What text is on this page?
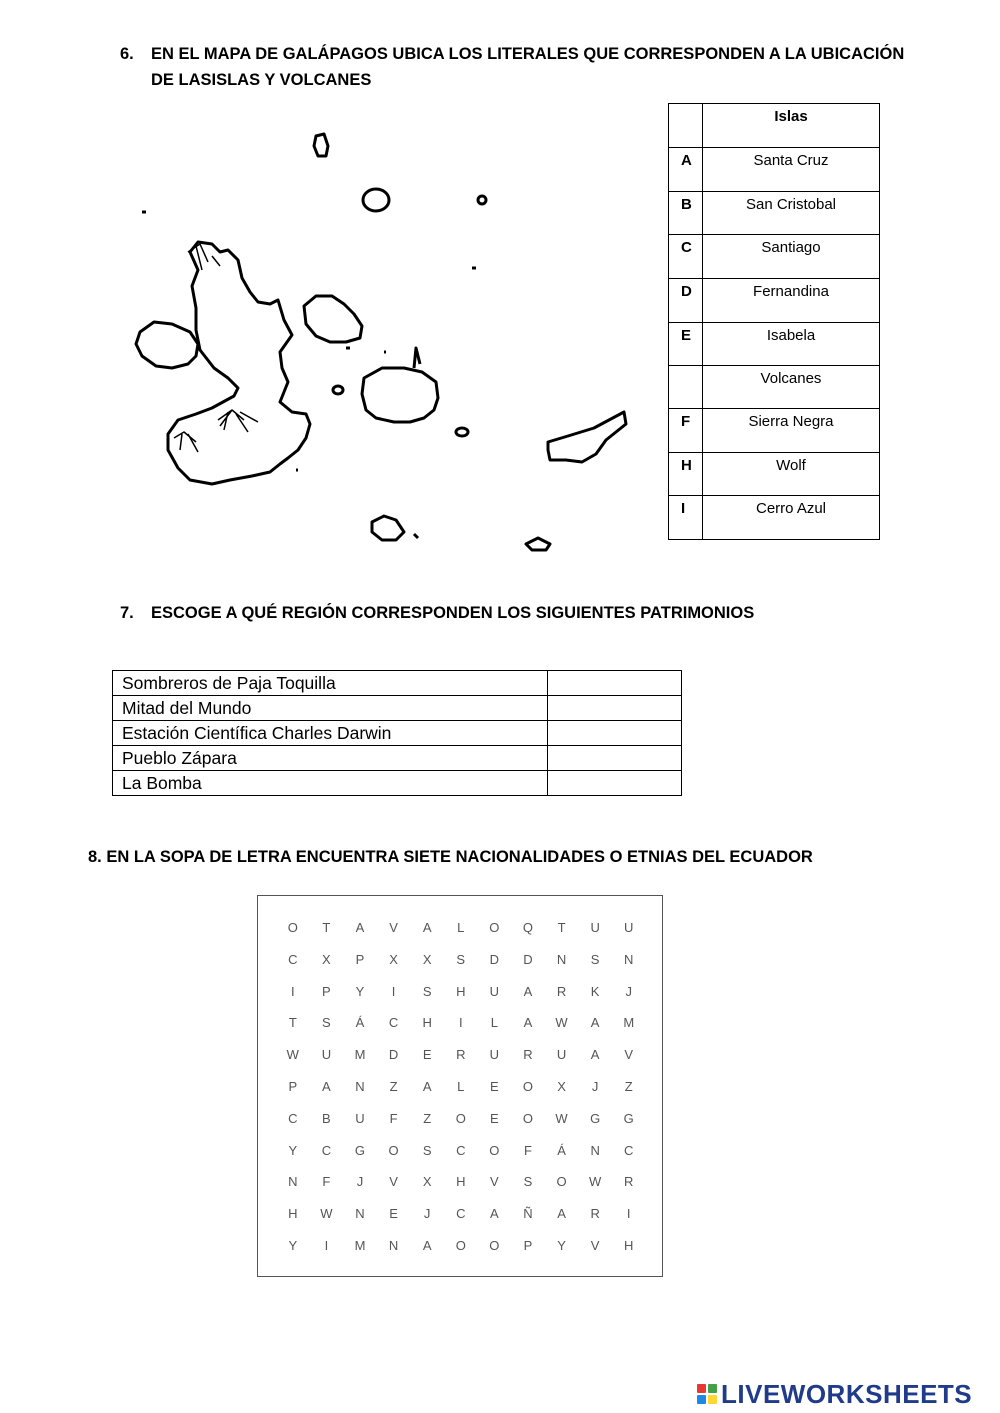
6. EN EL MAPA DE GALÁPAGOS UBICA LOS LITERALES QUE CORRESPONDEN A LA UBICACIÓN
DE LASISLAS Y VOLCANES
	Islas
A	Santa Cruz
B	San Cristobal
C	Santiago
D	Fernandina
E	Isabela
	Volcanes
F	Sierra Negra
H	Wolf
I	Cerro Azul
7. ESCOGE A QUÉ REGIÓN CORRESPONDEN LOS SIGUIENTES PATRIMONIOS
Sombreros de Paja Toquilla	
Mitad del Mundo	
Estación Científica Charles Darwin	
Pueblo Zápara	
La Bomba	
8. EN LA SOPA DE LETRA ENCUENTRA SIETE NACIONALIDADES O ETNIAS DEL ECUADOR
O	T	A	V	A	L	O	Q	T	U	U
C	X	P	X	X	S	D	D	N	S	N
I	P	Y	I	S	H	U	A	R	K	J
T	S	Á	C	H	I	L	A	W	A	M
W	U	M	D	E	R	U	R	U	A	V
P	A	N	Z	A	L	E	O	X	J	Z
C	B	U	F	Z	O	E	O	W	G	G
Y	C	G	O	S	C	O	F	Á	N	C
N	F	J	V	X	H	V	S	O	W	R
H	W	N	E	J	C	A	Ñ	A	R	I
Y	I	M	N	A	O	O	P	Y	V	H
LIVEWORKSHEETS
